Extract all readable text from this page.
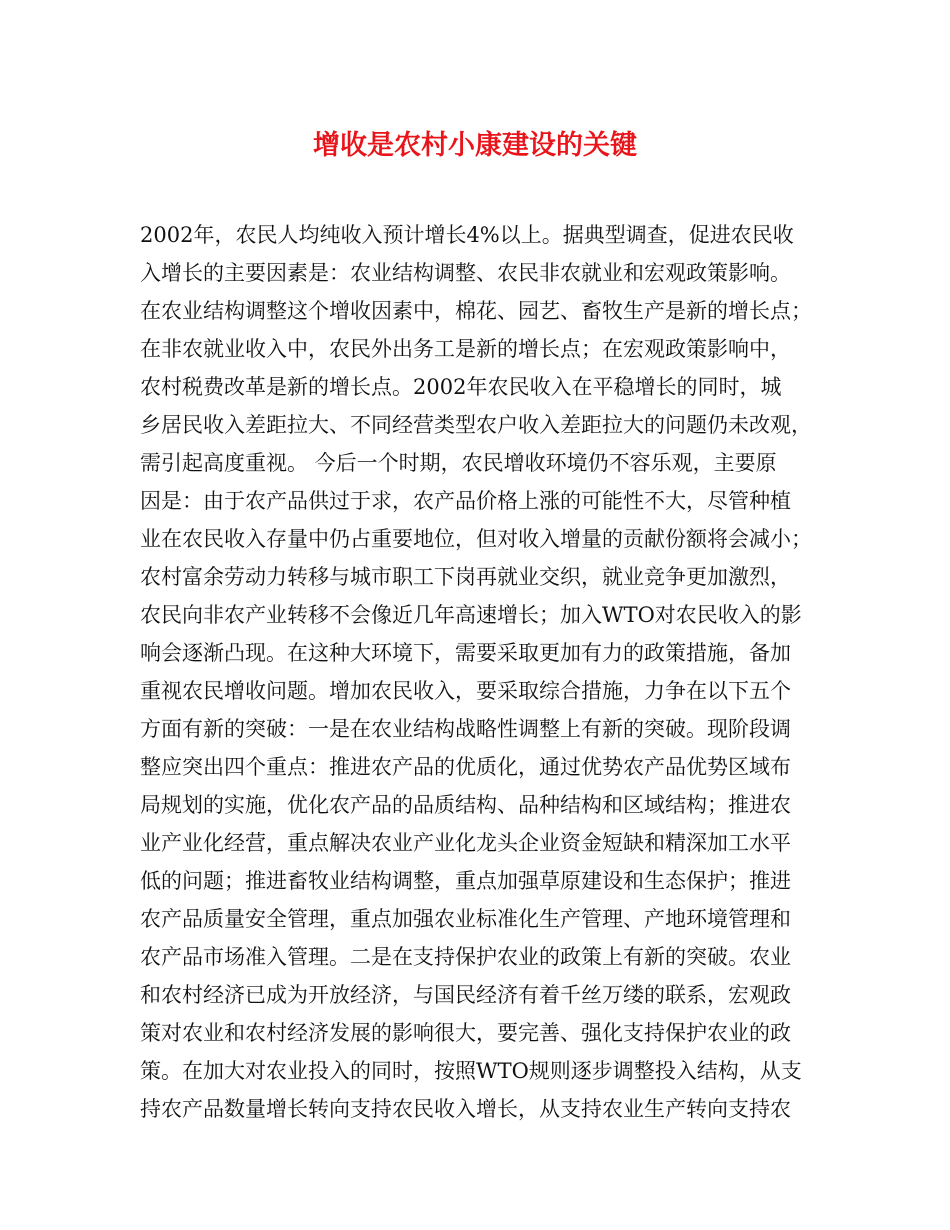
增收是农村小康建设的关键
2002年，农民人均纯收入预计增长4%以上。据典型调查，促进农民收
入增长的主要因素是：农业结构调整、农民非农就业和宏观政策影响。
在农业结构调整这个增收因素中，棉花、园艺、畜牧生产是新的增长点；
在非农就业收入中，农民外出务工是新的增长点；在宏观政策影响中，
农村税费改革是新的增长点。2002年农民收入在平稳增长的同时，城
乡居民收入差距拉大、不同经营类型农户收入差距拉大的问题仍未改观，
需引起高度重视。 今后一个时期，农民增收环境仍不容乐观，主要原
因是：由于农产品供过于求，农产品价格上涨的可能性不大，尽管种植
业在农民收入存量中仍占重要地位，但对收入增量的贡献份额将会减小；
农村富余劳动力转移与城市职工下岗再就业交织，就业竞争更加激烈，
农民向非农产业转移不会像近几年高速增长；加入WTO对农民收入的影
响会逐渐凸现。在这种大环境下，需要采取更加有力的政策措施，备加
重视农民增收问题。增加农民收入，要采取综合措施，力争在以下五个
方面有新的突破：一是在农业结构战略性调整上有新的突破。现阶段调
整应突出四个重点：推进农产品的优质化，通过优势农产品优势区域布
局规划的实施，优化农产品的品质结构、品种结构和区域结构；推进农
业产业化经营，重点解决农业产业化龙头企业资金短缺和精深加工水平
低的问题；推进畜牧业结构调整，重点加强草原建设和生态保护；推进
农产品质量安全管理，重点加强农业标准化生产管理、产地环境管理和
农产品市场准入管理。二是在支持保护农业的政策上有新的突破。农业
和农村经济已成为开放经济，与国民经济有着千丝万缕的联系，宏观政
策对农业和农村经济发展的影响很大，要完善、强化支持保护农业的政
策。在加大对农业投入的同时，按照WTO规则逐步调整投入结构，从支
持农产品数量增长转向支持农民收入增长，从支持农业生产转向支持农
